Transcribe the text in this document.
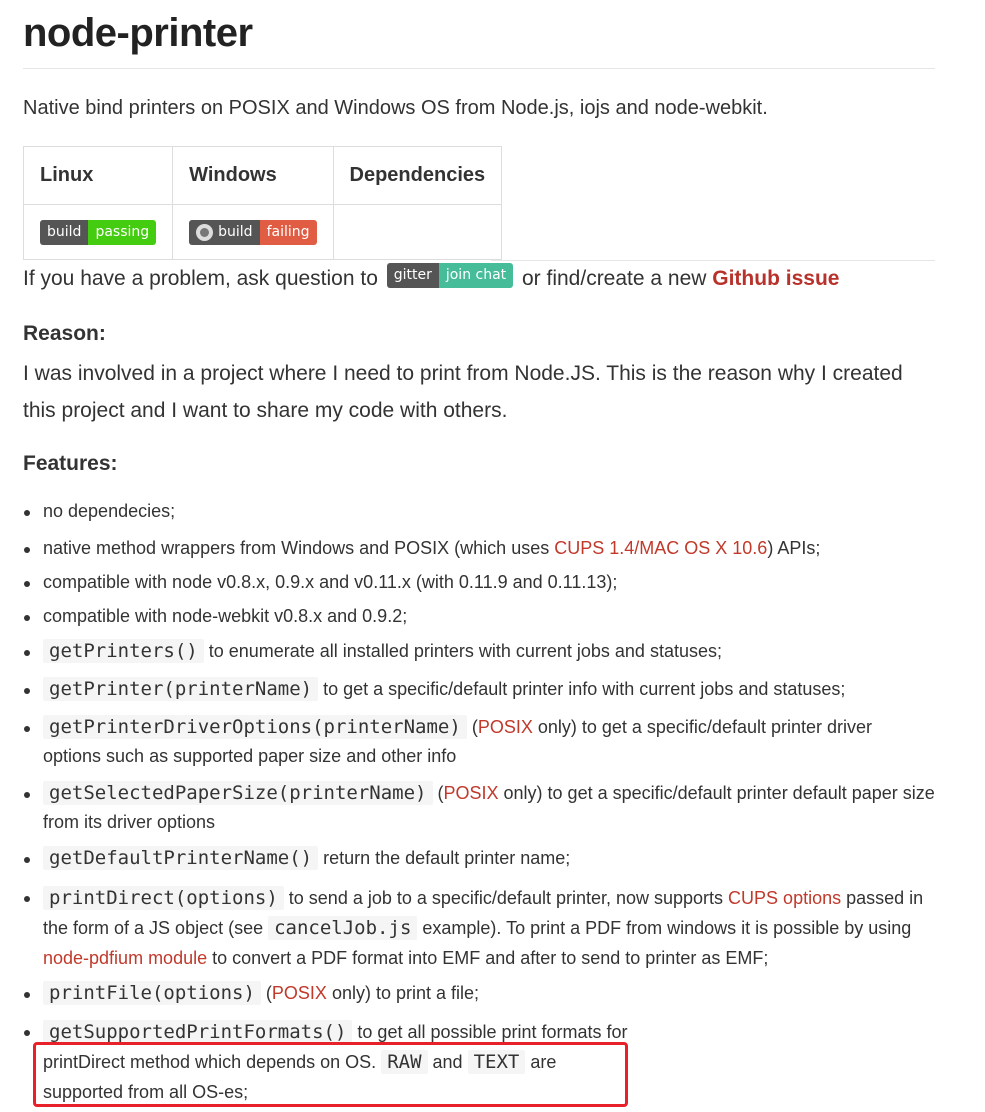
node-printer
Native bind printers on POSIX and Windows OS from Node.js, iojs and node-webkit.
Linux	Windows	Dependencies

build passing	build failing	

If you have a problem, ask question to gitter	join chat or find/create a new Github issue
Reason:
I was involved in a project where I need to print from Node.JS. This is the reason why I created this project and I want to share my code with others.
Features:
no dependecies;
native method wrappers from Windows and POSIX (which uses CUPS 1.4/MAC OS X 10.6) APIs;
compatible with node v0.8.x, 0.9.x and v0.11.x (with 0.11.9 and 0.11.13);
compatible with node-webkit v0.8.x and 0.9.2;
getPrinters() to enumerate all installed printers with current jobs and statuses;
getPrinter(printerName) to get a specific/default printer info with current jobs and statuses;
getPrinterDriverOptions(printerName) (POSIX only) to get a specific/default printer driver options such as supported paper size and other info
getSelectedPaperSize(printerName) (POSIX only) to get a specific/default printer default paper size from its driver options
getDefaultPrinterName() return the default printer name;
printDirect(options) to send a job to a specific/default printer, now supports CUPS options passed in the form of a JS object (see cancelJob.js example). To print a PDF from windows it is possible by using node-pdfium module to convert a PDF format into EMF and after to send to printer as EMF;
printFile(options) (POSIX only) to print a file;
getSupportedPrintFormats() to get all possible print formats for printDirect method which depends on OS. RAW and TEXT are supported from all OS-es;
